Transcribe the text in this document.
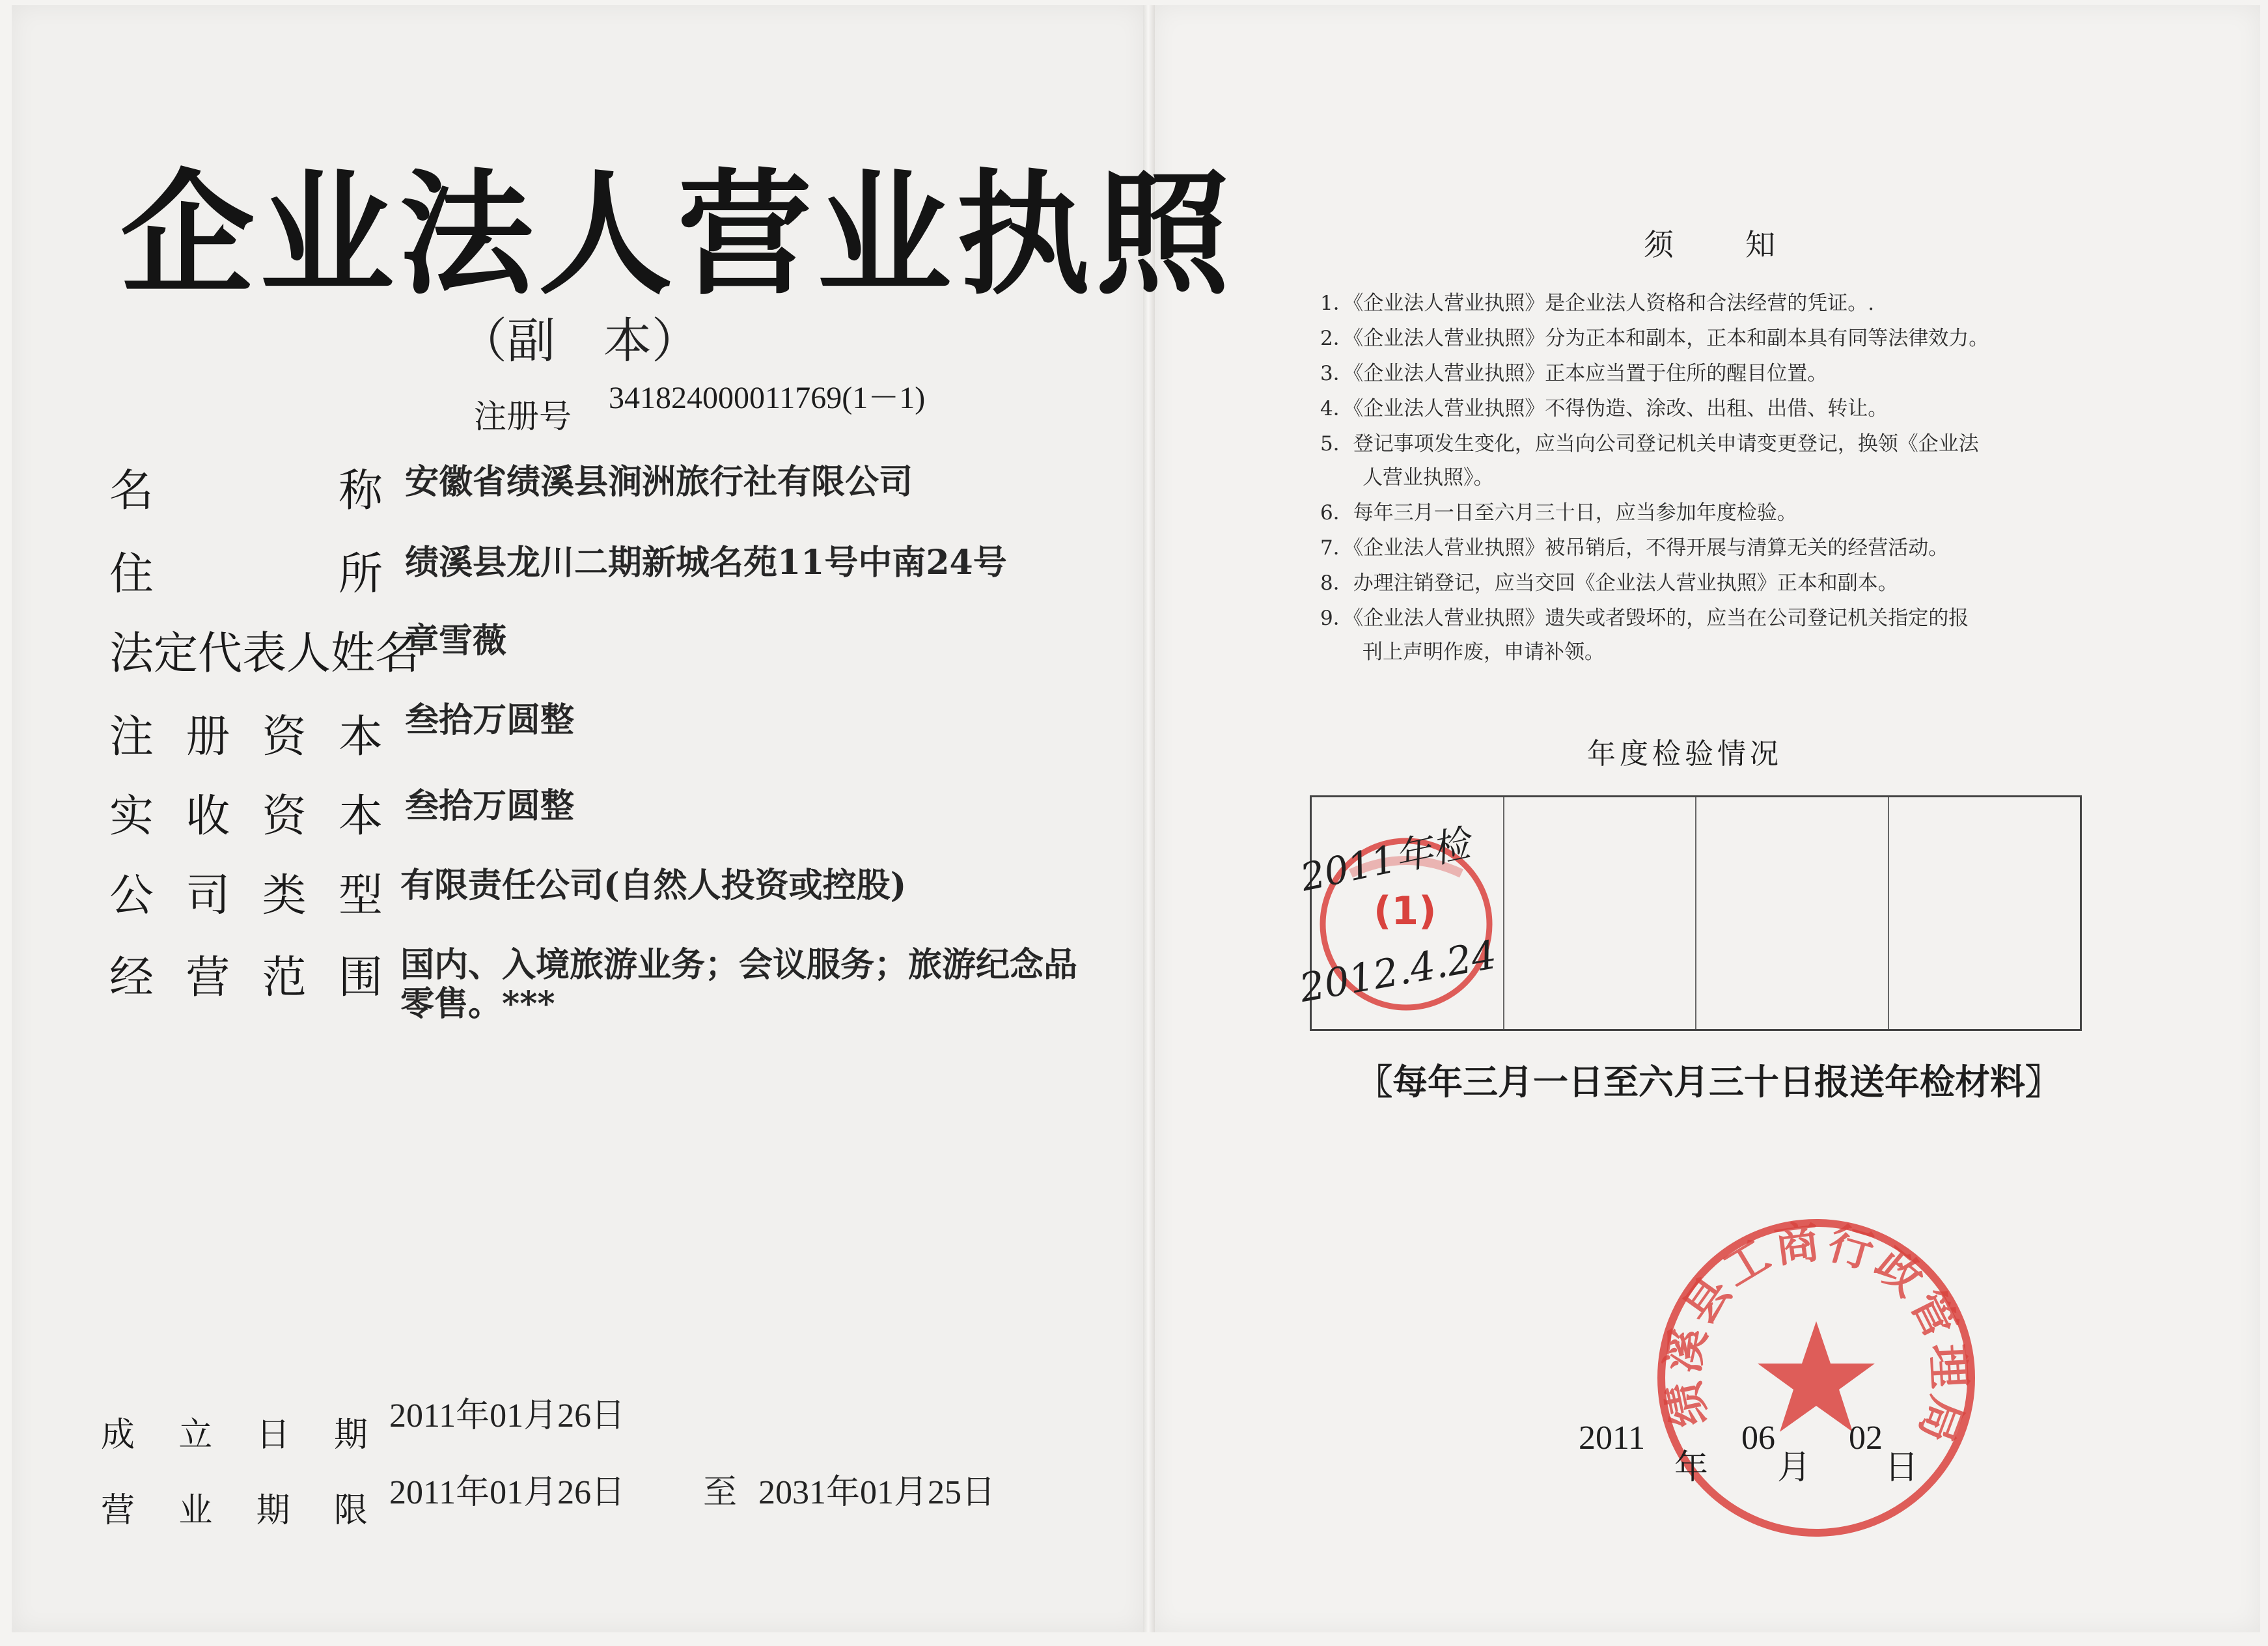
企业法人营业执照
（副　本）
注册号 341824000011769(1－1)
名	称 安徽省绩溪县涧洲旅行社有限公司
住	所 绩溪县龙川二期新城名苑11号中南24号
法定代表人姓名
章雪薇
注 册 资 本 叁拾万圆整
实 收 资 本 叁拾万圆整
公 司 类 型 有限责任公司(自然人投资或控股)
经 营 范 围 国内、入境旅游业务；会议服务；旅游纪念品
零售。***
成 立 日 期 2011年01月26日
营 业 期 限 2011年01月26日 至 2031年01月25日
须知
1．《企业法人营业执照》是企业法人资格和合法经营的凭证。.
2．《企业法人营业执照》分为正本和副本，正本和副本具有同等法律效力。
3．《企业法人营业执照》正本应当置于住所的醒目位置。
4．《企业法人营业执照》不得伪造、涂改、出租、出借、转让。
5．登记事项发生变化，应当向公司登记机关申请变更登记，换领《企业法
人营业执照》。
6．每年三月一日至六月三十日，应当参加年度检验。
7．《企业法人营业执照》被吊销后，不得开展与清算无关的经营活动。
8．办理注销登记，应当交回《企业法人营业执照》正本和副本。
9．《企业法人营业执照》遗失或者毁坏的，应当在公司登记机关指定的报
刊上声明作废，申请补领。
年度检验情况
(1)
2011年检
2012.4.24
〖每年三月一日至六月三十日报送年检材料〗
绩溪县工商行政管理局
2011
年
06
月
02
日
